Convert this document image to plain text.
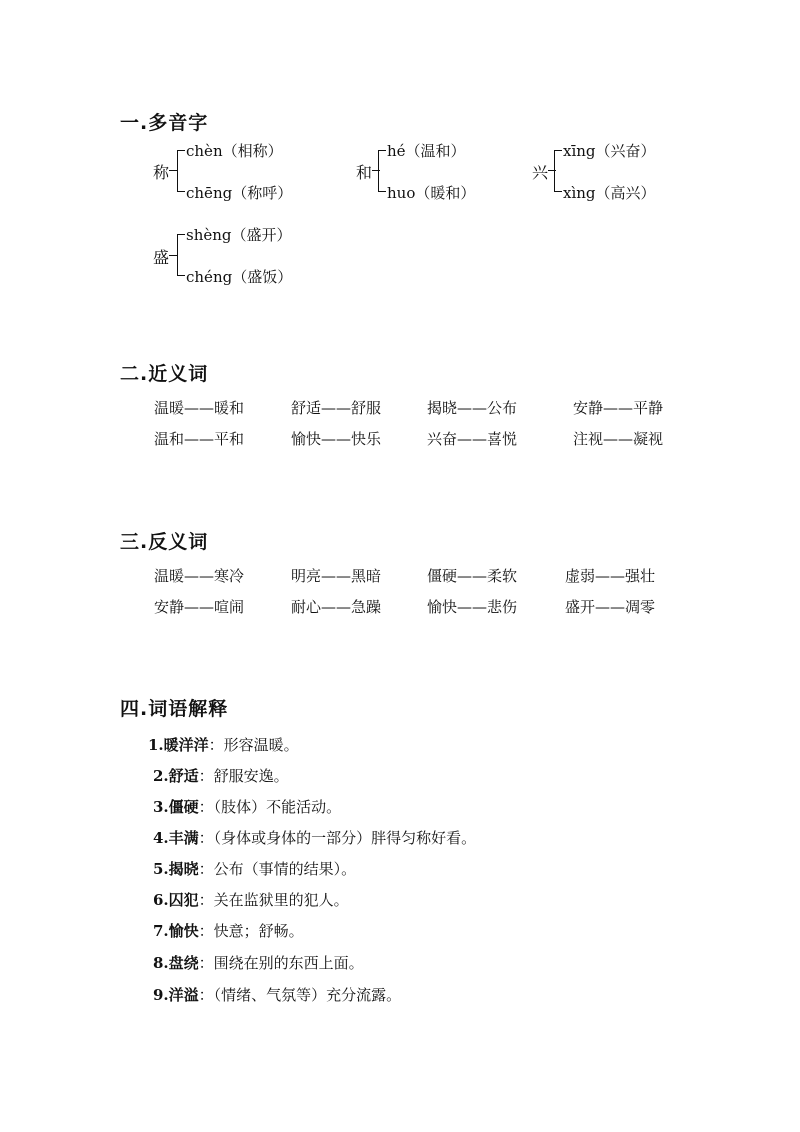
一.多音字
称
chèn（相称）
chēng（称呼）
和
hé（温和）
huo（暖和）
兴
xīng（兴奋）
xìng（高兴）
盛
shèng（盛开）
chéng（盛饭）
二.近义词
温暖——暖和	舒适——舒服	揭晓——公布	安静——平静
温和——平和	愉快——快乐	兴奋——喜悦	注视——凝视
三.反义词
温暖——寒冷	明亮——黑暗	僵硬——柔软	虚弱——强壮
安静——喧闹	耐心——急躁	愉快——悲伤	盛开——凋零
四.词语解释
1.暖洋洋：形容温暖。
2.舒适：舒服安逸。
3.僵硬：（肢体）不能活动。
4.丰满：（身体或身体的一部分）胖得匀称好看。
5.揭晓：公布（事情的结果）。
6.囚犯：关在监狱里的犯人。
7.愉快：快意；舒畅。
8.盘绕：围绕在别的东西上面。
9.洋溢：（情绪、气氛等）充分流露。
